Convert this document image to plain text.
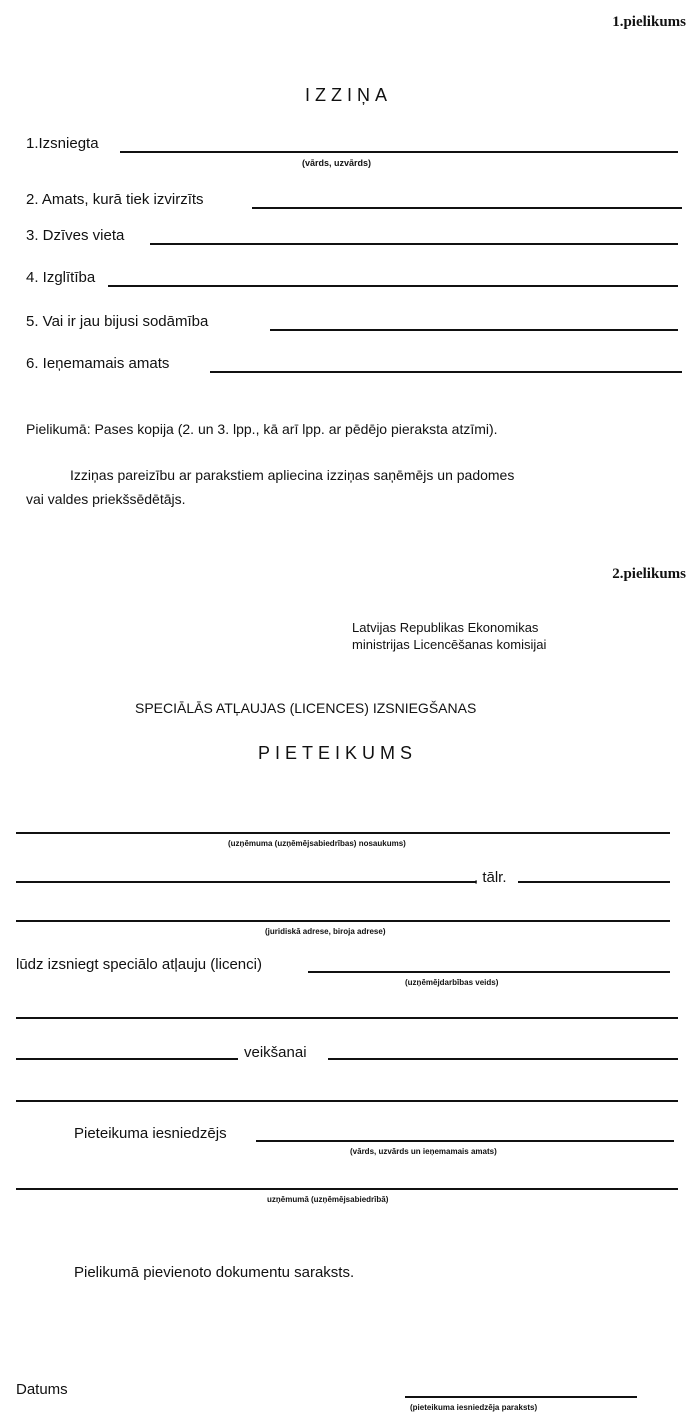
1.pielikums
IZZIŅA
1.Izsniegta
(vārds, uzvārds)
2. Amats, kurā tiek izvirzīts
3. Dzīves vieta
4. Izglītība
5. Vai ir jau bijusi sodāmība
6. Ieņemamais amats
Pielikumā: Pases kopija (2. un 3. lpp., kā arī lpp. ar pēdējo pieraksta atzīmi).
Izziņas pareizību ar parakstiem apliecina izziņas saņēmējs un padomes
vai valdes priekšsēdētājs.
2.pielikums
Latvijas Republikas Ekonomikas
ministrijas Licencēšanas komisijai
SPECIĀLĀS ATĻAUJAS (LICENCES) IZSNIEGŠANAS
PIETEIKUMS
(uzņēmuma (uzņēmējsabiedrības) nosaukums)
, tālr.
(juridiskā adrese, biroja adrese)
lūdz izsniegt speciālo atļauju (licenci)
(uzņēmējdarbības veids)
veikšanai
Pieteikuma iesniedzējs
(vārds, uzvārds un ieņemamais amats)
uzņēmumā (uzņēmējsabiedrībā)
Pielikumā pievienoto dokumentu saraksts.
Datums
(pieteikuma iesniedzēja paraksts)
